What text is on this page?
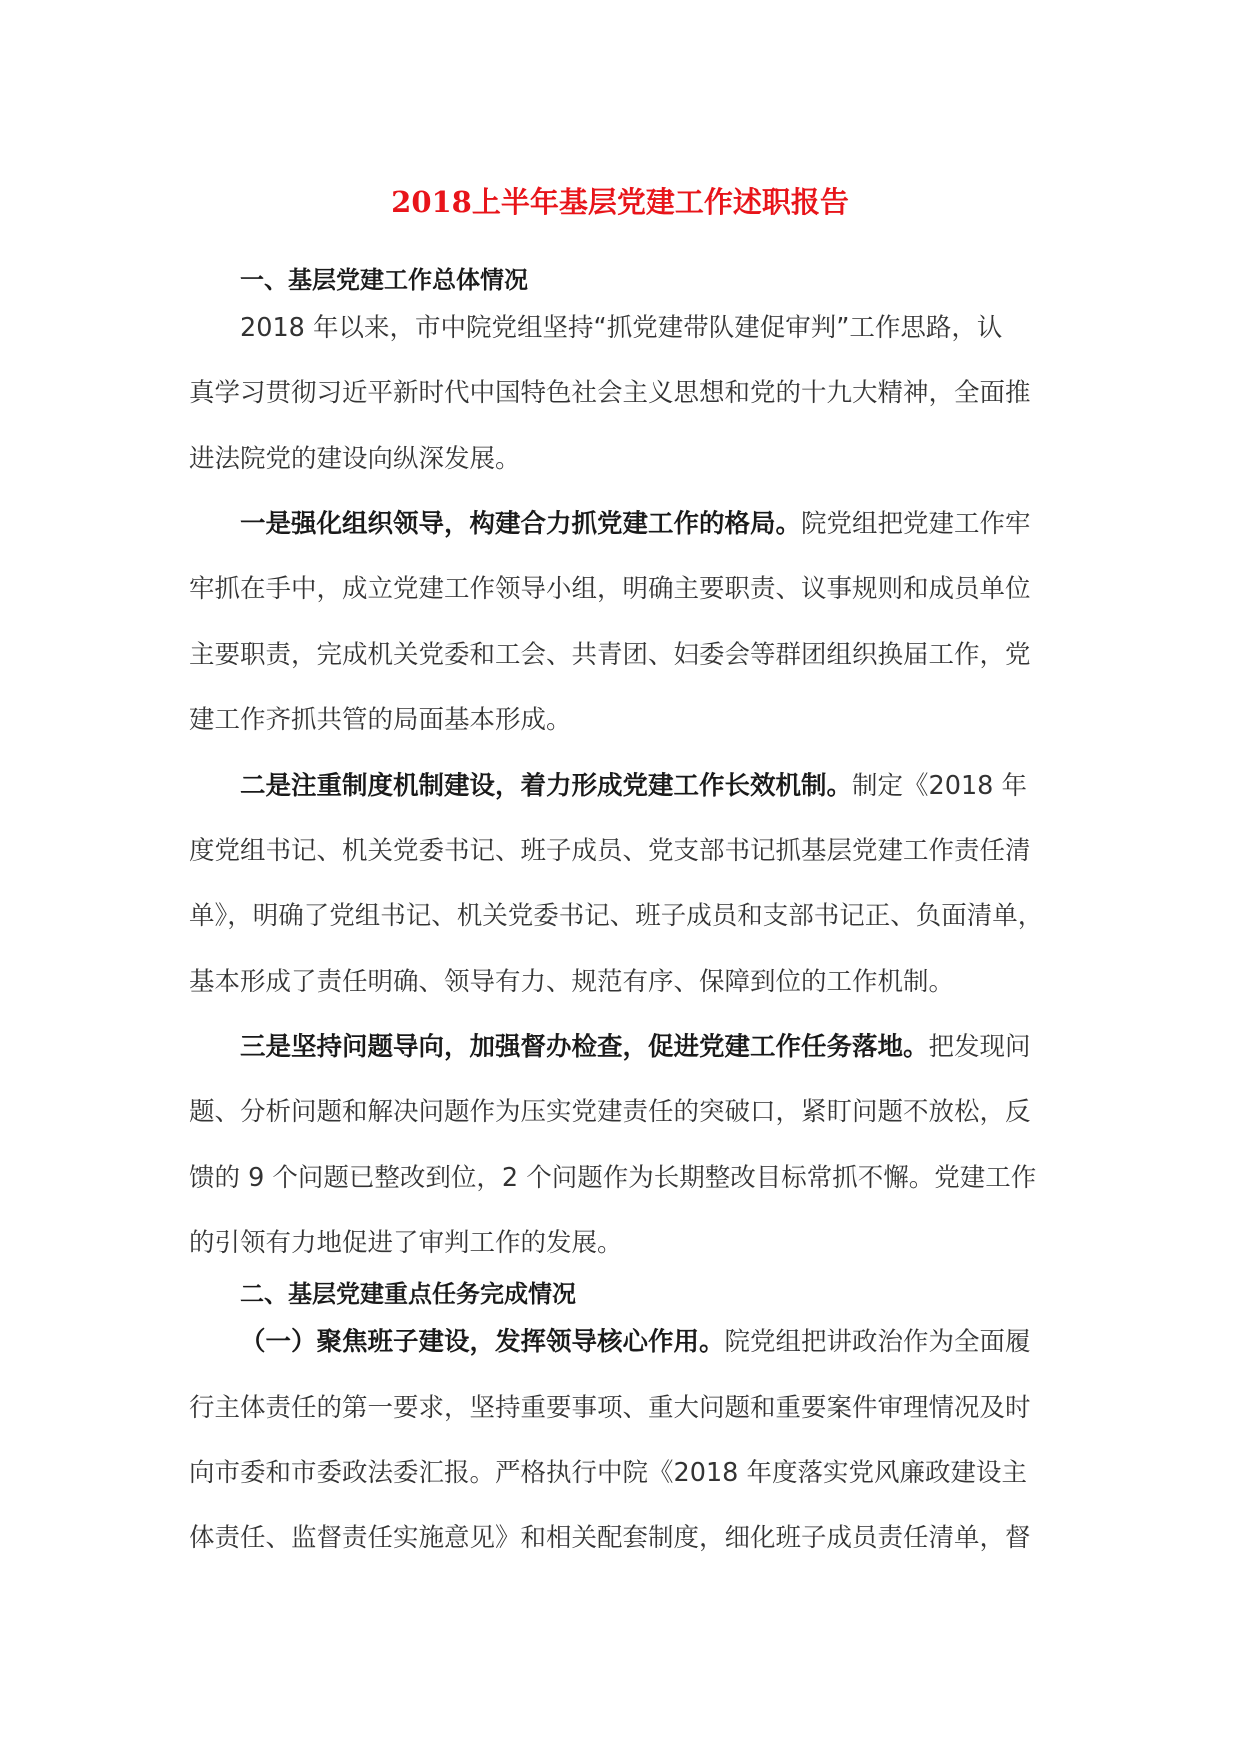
2018上半年基层党建工作述职报告
一、基层党建工作总体情况
2018 年以来，市中院党组坚持“抓党建带队建促审判”工作思路，认
真学习贯彻习近平新时代中国特色社会主义思想和党的十九大精神，全面推
进法院党的建设向纵深发展。
一是强化组织领导，构建合力抓党建工作的格局。院党组把党建工作牢
牢抓在手中，成立党建工作领导小组，明确主要职责、议事规则和成员单位
主要职责，完成机关党委和工会、共青团、妇委会等群团组织换届工作，党
建工作齐抓共管的局面基本形成。
二是注重制度机制建设，着力形成党建工作长效机制。制定《2018 年
度党组书记、机关党委书记、班子成员、党支部书记抓基层党建工作责任清
单》，明确了党组书记、机关党委书记、班子成员和支部书记正、负面清单，
基本形成了责任明确、领导有力、规范有序、保障到位的工作机制。
三是坚持问题导向，加强督办检查，促进党建工作任务落地。把发现问
题、分析问题和解决问题作为压实党建责任的突破口，紧盯问题不放松，反
馈的 9 个问题已整改到位，2 个问题作为长期整改目标常抓不懈。党建工作
的引领有力地促进了审判工作的发展。
二、基层党建重点任务完成情况
（一）聚焦班子建设，发挥领导核心作用。院党组把讲政治作为全面履
行主体责任的第一要求，坚持重要事项、重大问题和重要案件审理情况及时
向市委和市委政法委汇报。严格执行中院《2018 年度落实党风廉政建设主
体责任、监督责任实施意见》和相关配套制度，细化班子成员责任清单，督
